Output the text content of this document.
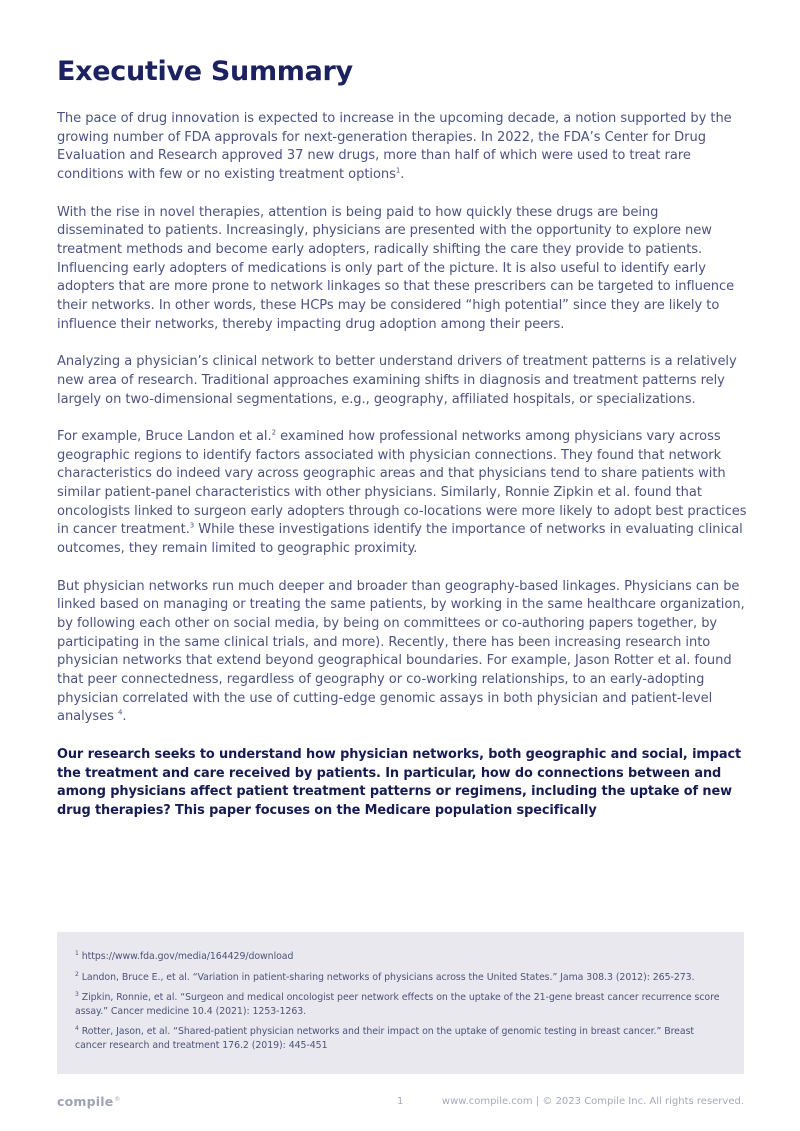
Executive Summary

The pace of drug innovation is expected to increase in the upcoming decade, a notion supported by the growing number of FDA approvals for next-generation therapies. In 2022, the FDA’s Center for Drug Evaluation and Research approved 37 new drugs, more than half of which were used to treat rare conditions with few or no existing treatment options$^1$.

With the rise in novel therapies, attention is being paid to how quickly these drugs are being disseminated to patients. Increasingly, physicians are presented with the opportunity to explore new treatment methods and become early adopters, radically shifting the care they provide to patients. Influencing early adopters of medications is only part of the picture. It is also useful to identify early adopters that are more prone to network linkages so that these prescribers can be targeted to influence their networks. In other words, these HCPs may be considered “high potential” since they are likely to influence their networks, thereby impacting drug adoption among their peers.

Analyzing a physician’s clinical network to better understand drivers of treatment patterns is a relatively new area of research. Traditional approaches examining shifts in diagnosis and treatment patterns rely largely on two-dimensional segmentations, e.g., geography, affiliated hospitals, or specializations.

For example, Bruce Landon et al.$^2$ examined how professional networks among physicians vary across geographic regions to identify factors associated with physician connections. They found that network characteristics do indeed vary across geographic areas and that physicians tend to share patients with similar patient-panel characteristics with other physicians. Similarly, Ronnie Zipkin et al. found that oncologists linked to surgeon early adopters through co-locations were more likely to adopt best practices in cancer treatment.$^3$ While these investigations identify the importance of networks in evaluating clinical outcomes, they remain limited to geographic proximity.

But physician networks run much deeper and broader than geography-based linkages. Physicians can be linked based on managing or treating the same patients, by working in the same healthcare organization, by following each other on social media, by being on committees or co-authoring papers together, by participating in the same clinical trials, and more). Recently, there has been increasing research into physician networks that extend beyond geographical boundaries. For example, Jason Rotter et al. found that peer connectedness, regardless of geography or co-working relationships, to an early-adopting physician correlated with the use of cutting-edge genomic assays in both physician and patient-level analyses $^4$.

Our research seeks to understand how physician networks, both geographic and social, impact the treatment and care received by patients. In particular, how do connections between and among physicians affect patient treatment patterns or regimens, including the uptake of new drug therapies? This paper focuses on the Medicare population specifically

$^1$ https://www.fda.gov/media/164429/download
$^2$ Landon, Bruce E., et al. “Variation in patient-sharing networks of physicians across the United States.” Jama 308.3 (2012): 265-273.
$^3$ Zipkin, Ronnie, et al. “Surgeon and medical oncologist peer network effects on the uptake of the 21-gene breast cancer recurrence score assay.” Cancer medicine 10.4 (2021): 1253-1263.
$^4$ Rotter, Jason, et al. “Shared-patient physician networks and their impact on the uptake of genomic testing in breast cancer.” Breast cancer research and treatment 176.2 (2019): 445-451
compile®	1	www.compile.com | © 2023 Compile Inc. All rights reserved.
